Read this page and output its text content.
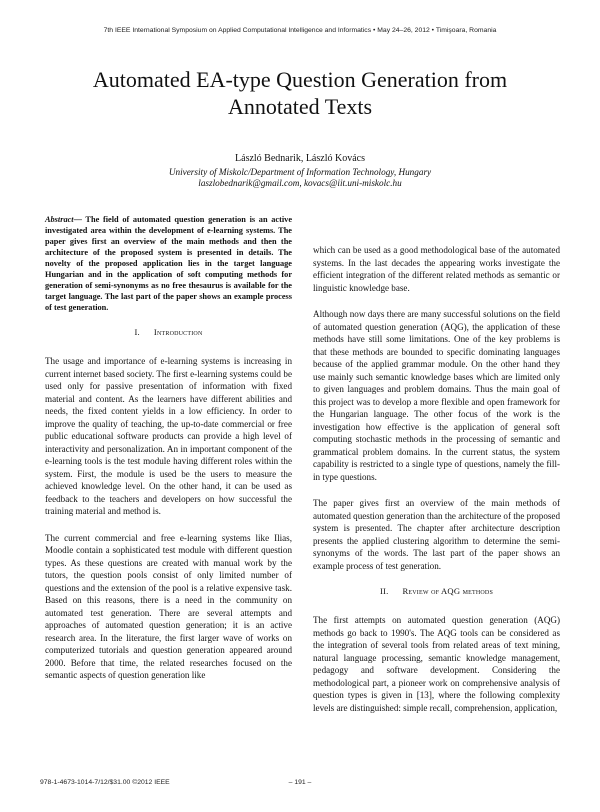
7th IEEE International Symposium on Applied Computational Intelligence and Informatics • May 24–26, 2012 • Timişoara, Romania
Automated EA-type Question Generation from
Annotated Texts
László Bednarik, László Kovács
University of Miskolc/Department of Information Technology, Hungary
laszlobednarik@gmail.com, kovacs@iit.uni-miskolc.hu

Abstract— The field of automated question generation is an active investigated area within the development of e-learning systems. The paper gives first an overview of the main methods and then the architecture of the proposed system is presented in details. The novelty of the proposed application lies in the target language Hungarian and in the application of soft computing methods for generation of semi-synonyms as no free thesaurus is available for the target language. The last part of the paper shows an example process of test generation.

I. Introduction

The usage and importance of e-learning systems is increasing in current internet based society. The first e-learning systems could be used only for passive presentation of information with fixed material and content. As the learners have different abilities and needs, the fixed content yields in a low efficiency. In order to improve the quality of teaching, the up-to-date commercial or free public educational software products can provide a high level of interactivity and personalization. An in important component of the e-learning tools is the test module having different roles within the system. First, the module is used be the users to measure the achieved knowledge level. On the other hand, it can be used as feedback to the teachers and developers on how successful the training material and method is.

The current commercial and free e-learning systems like Ilias, Moodle contain a sophisticated test module with different question types. As these questions are created with manual work by the tutors, the question pools consist of only limited number of questions and the extension of the pool is a relative expensive task. Based on this reasons, there is a need in the community on automated test generation. There are several attempts and approaches of automated question generation; it is an active research area. In the literature, the first larger wave of works on computerized tutorials and question generation appeared around 2000. Before that time, the related researches focused on the semantic aspects of question generation like

which can be used as a good methodological base of the automated systems. In the last decades the appearing works investigate the efficient integration of the different related methods as semantic or linguistic knowledge base.

Although now days there are many successful solutions on the field of automated question generation (AQG), the application of these methods have still some limitations. One of the key problems is that these methods are bounded to specific dominating languages because of the applied grammar module. On the other hand they use mainly such semantic knowledge bases which are limited only to given languages and problem domains. Thus the main goal of this project was to develop a more flexible and open framework for the Hungarian language. The other focus of the work is the investigation how effective is the application of general soft computing stochastic methods in the processing of semantic and grammatical problem domains. In the current status, the system capability is restricted to a single type of questions, namely the fill-in type questions.

The paper gives first an overview of the main methods of automated question generation than the architecture of the proposed system is presented. The chapter after architecture description presents the applied clustering algorithm to determine the semi-synonyms of the words. The last part of the paper shows an example process of test generation.

II. Review of AQG methods

The first attempts on automated question generation (AQG) methods go back to 1990's. The AQG tools can be considered as the integration of several tools from related areas of text mining, natural language processing, semantic knowledge management, pedagogy and software development. Considering the methodological part, a pioneer work on comprehensive analysis of question types is given in [13], where the following complexity levels are distinguished: simple recall, comprehension, application,

978-1-4673-1014-7/12/$31.00 ©2012 IEEE	– 191 –
